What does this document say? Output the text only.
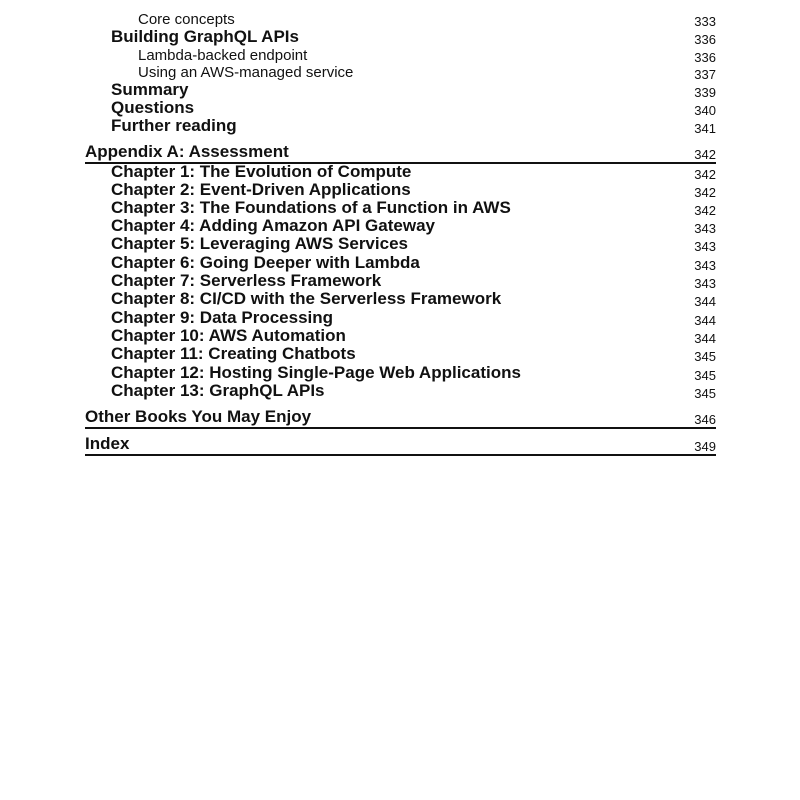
Core concepts	333
Building GraphQL APIs	336
Lambda-backed endpoint	336
Using an AWS-managed service	337
Summary	339
Questions	340
Further reading	341
Appendix A: Assessment	342
Chapter 1: The Evolution of Compute	342
Chapter 2: Event-Driven Applications	342
Chapter 3: The Foundations of a Function in AWS	342
Chapter 4: Adding Amazon API Gateway	343
Chapter 5: Leveraging AWS Services	343
Chapter 6: Going Deeper with Lambda	343
Chapter 7: Serverless Framework	343
Chapter 8: CI/CD with the Serverless Framework	344
Chapter 9: Data Processing	344
Chapter 10: AWS Automation	344
Chapter 11: Creating Chatbots	345
Chapter 12: Hosting Single-Page Web Applications	345
Chapter 13: GraphQL APIs	345
Other Books You May Enjoy	346
Index	349
